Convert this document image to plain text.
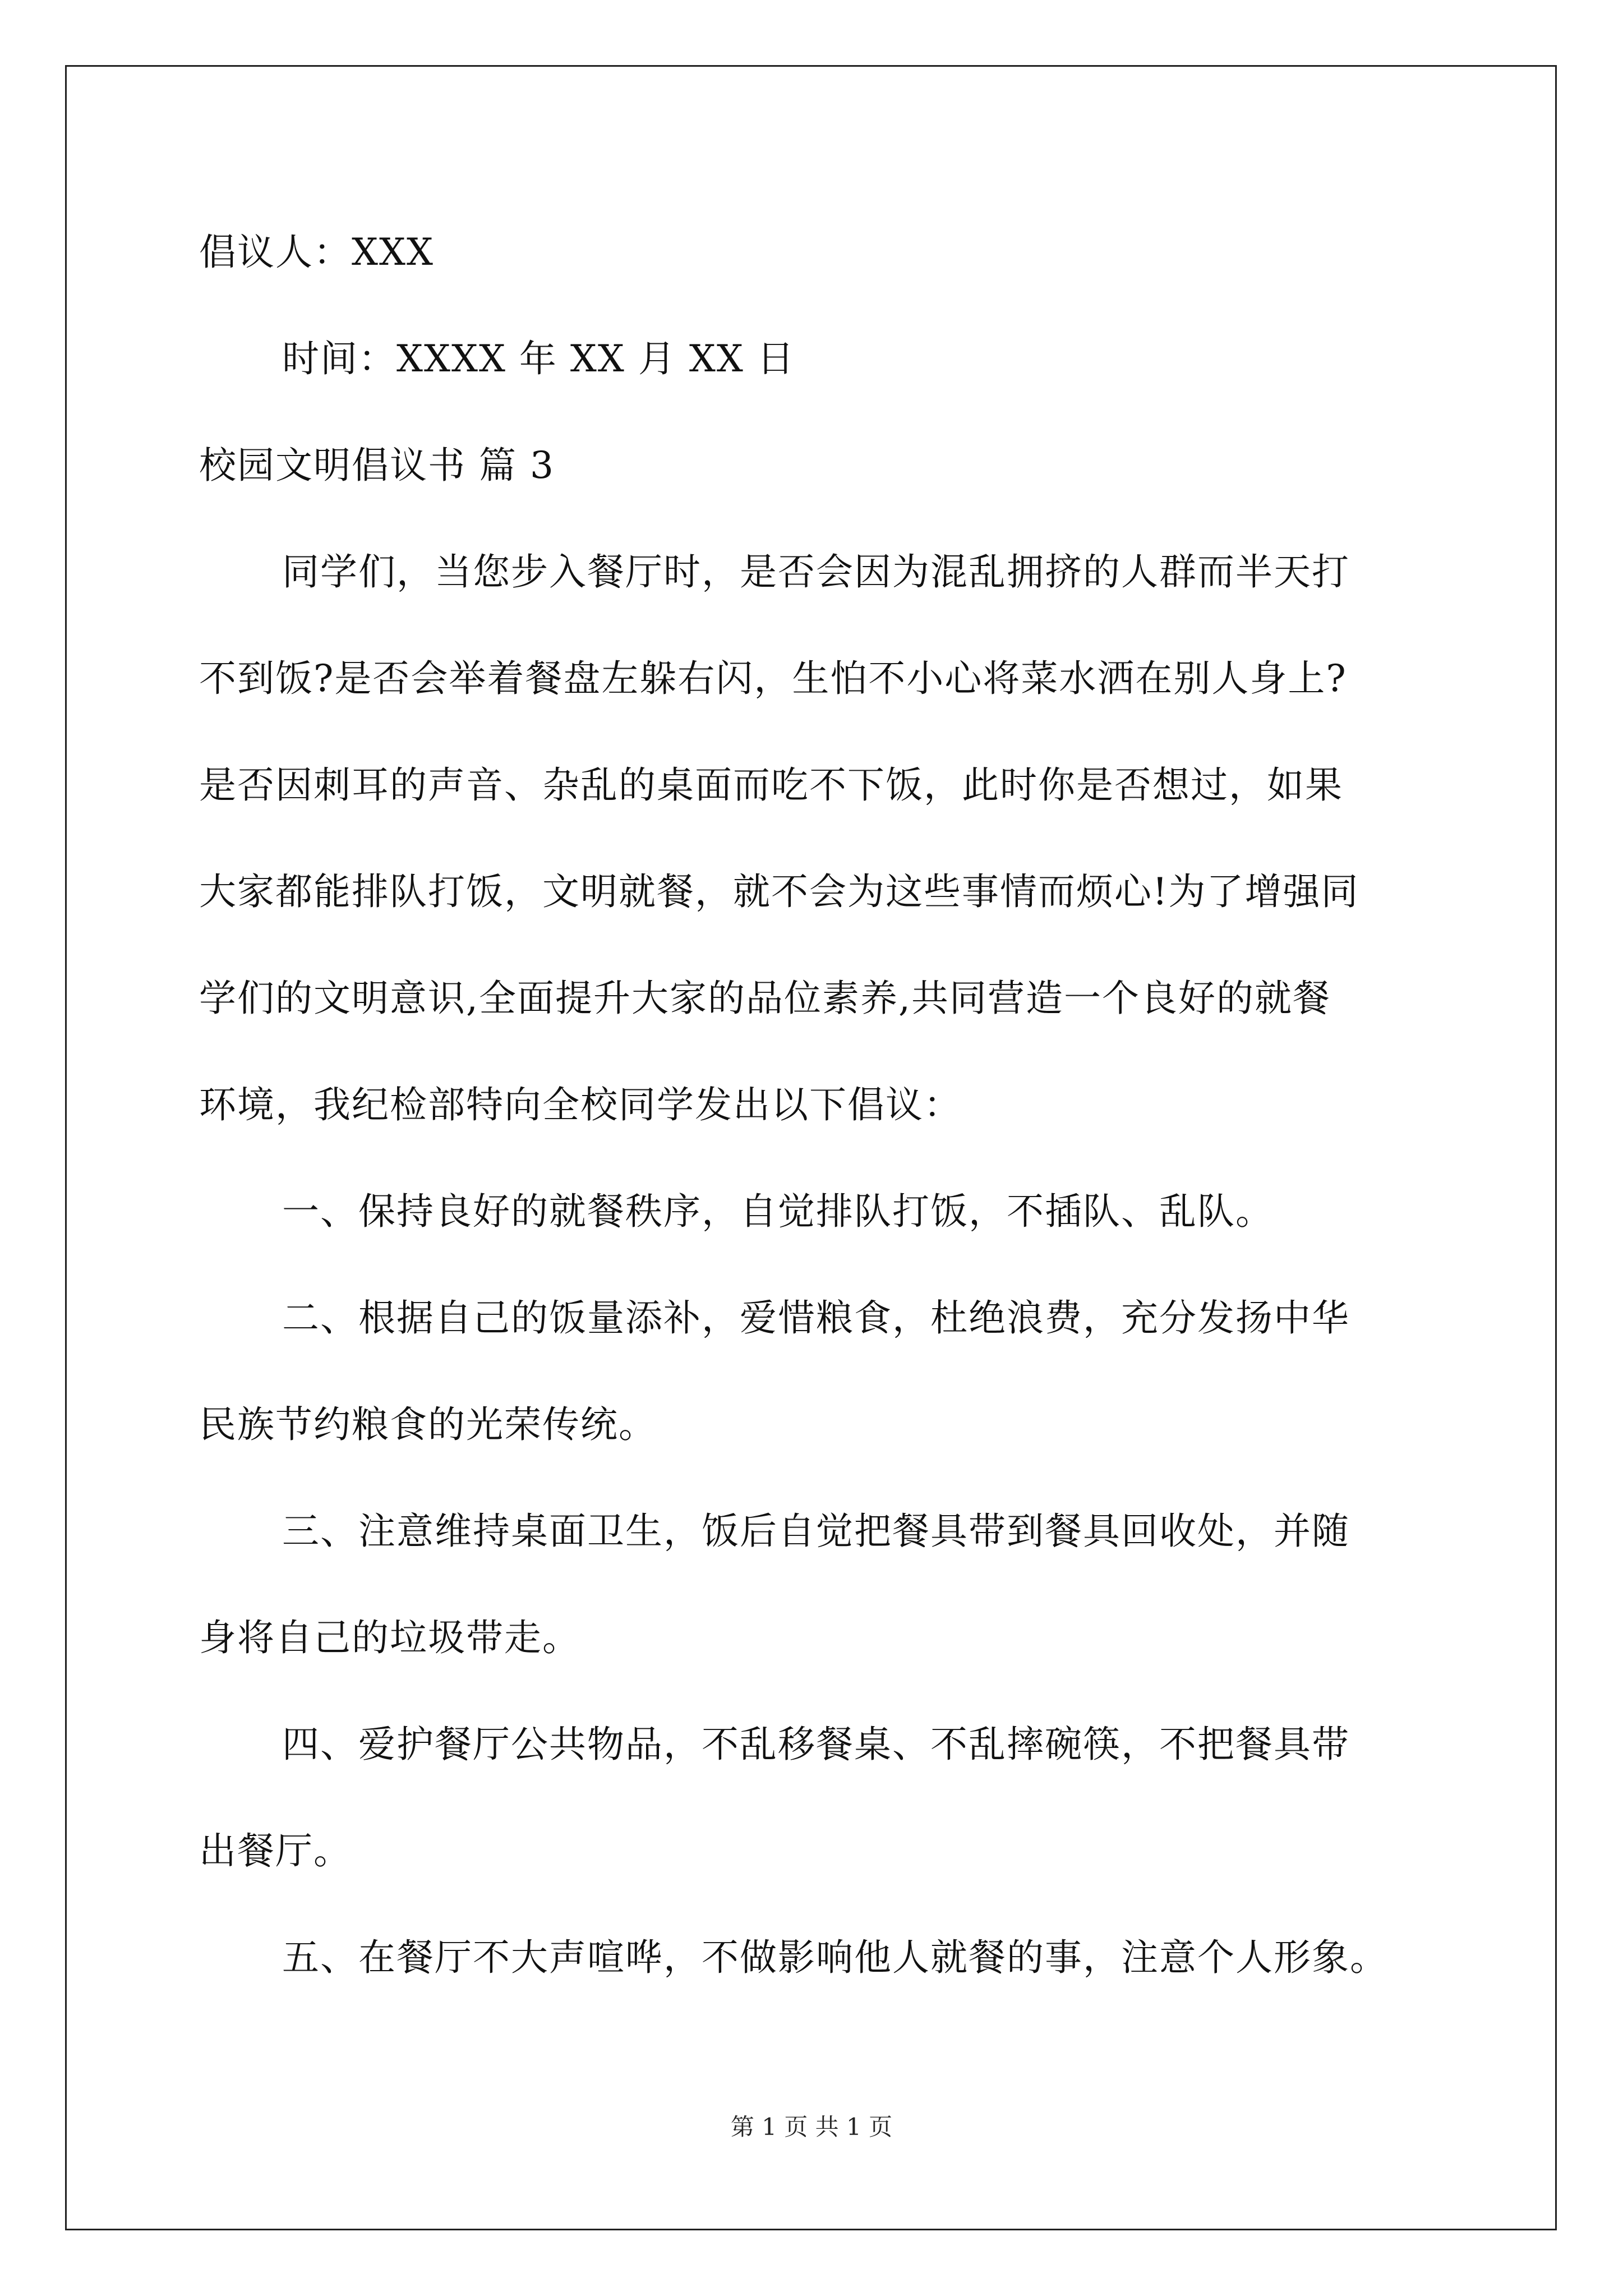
倡议人：XXX
时间：XXXX 年 XX 月 XX 日
校园文明倡议书 篇 3
同学们，当您步入餐厅时，是否会因为混乱拥挤的人群而半天打
不到饭?是否会举着餐盘左躲右闪，生怕不小心将菜水洒在别人身上?
是否因刺耳的声音、杂乱的桌面而吃不下饭，此时你是否想过，如果
大家都能排队打饭，文明就餐，就不会为这些事情而烦心!为了增强同
学们的文明意识,全面提升大家的品位素养,共同营造一个良好的就餐
环境，我纪检部特向全校同学发出以下倡议：
一、保持良好的就餐秩序，自觉排队打饭，不插队、乱队。
二、根据自己的饭量添补，爱惜粮食，杜绝浪费，充分发扬中华
民族节约粮食的光荣传统。
三、注意维持桌面卫生，饭后自觉把餐具带到餐具回收处，并随
身将自己的垃圾带走。
四、爱护餐厅公共物品，不乱移餐桌、不乱摔碗筷，不把餐具带
出餐厅。
五、在餐厅不大声喧哗，不做影响他人就餐的事，注意个人形象。
第 1 页 共 1 页
